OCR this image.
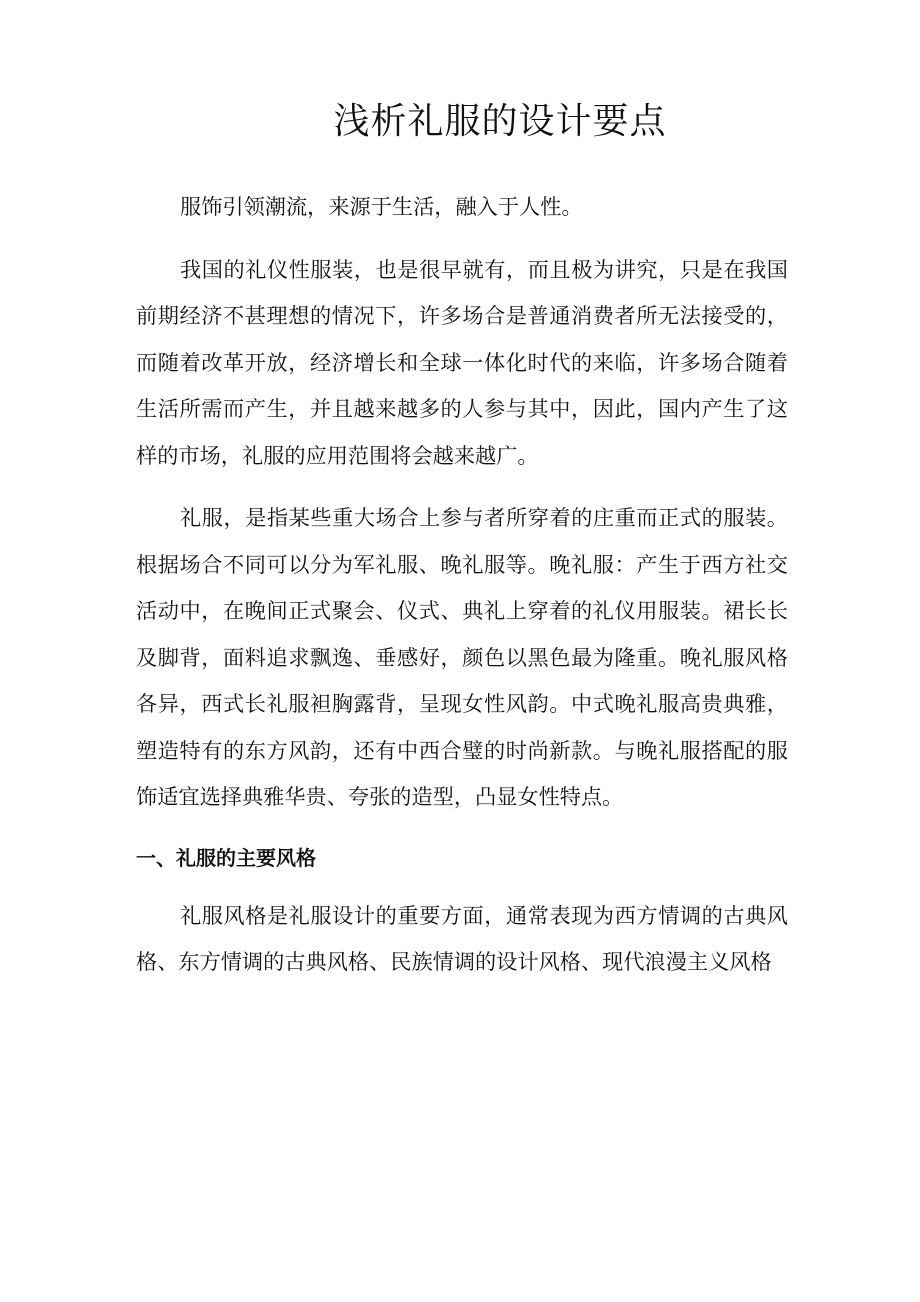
浅析礼服的设计要点

服饰引领潮流，来源于生活，融入于人性。

我国的礼仪性服装，也是很早就有，而且极为讲究，只是在我国前期经济不甚理想的情况下，许多场合是普通消费者所无法接受的，而随着改革开放，经济增长和全球一体化时代的来临，许多场合随着生活所需而产生，并且越来越多的人参与其中，因此，国内产生了这样的市场，礼服的应用范围将会越来越广。

礼服，是指某些重大场合上参与者所穿着的庄重而正式的服装。根据场合不同可以分为军礼服、晚礼服等。晚礼服：产生于西方社交活动中，在晚间正式聚会、仪式、典礼上穿着的礼仪用服装。裙长长及脚背，面料追求飘逸、垂感好，颜色以黑色最为隆重。晚礼服风格各异，西式长礼服袒胸露背，呈现女性风韵。中式晚礼服高贵典雅，塑造特有的东方风韵，还有中西合璧的时尚新款。与晚礼服搭配的服饰适宜选择典雅华贵、夸张的造型，凸显女性特点。

一、礼服的主要风格

礼服风格是礼服设计的重要方面，通常表现为西方情调的古典风格、东方情调的古典风格、民族情调的设计风格、现代浪漫主义风格
